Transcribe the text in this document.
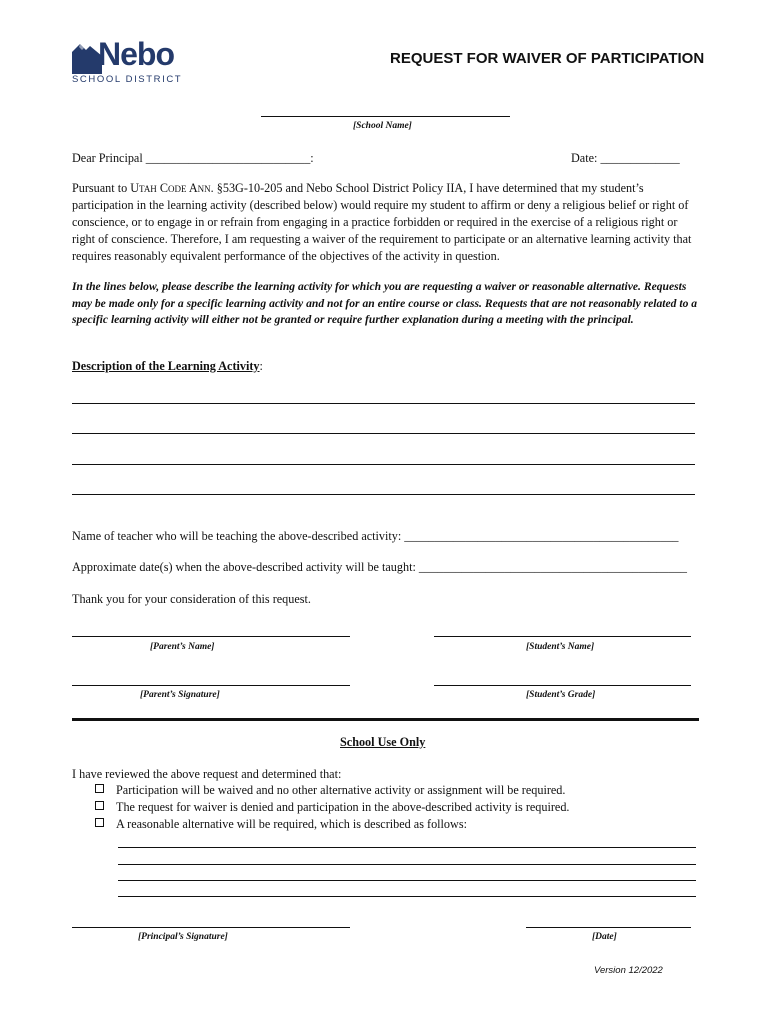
Nebo
SCHOOL DISTRICT
REQUEST FOR WAIVER OF PARTICIPATION
[School Name]
Dear Principal ___________________________:	Date: _____________
Pursuant to Utah Code Ann. §53G-10-205 and Nebo School District Policy IIA, I have determined that my student’s participation in the learning activity (described below) would require my student to affirm or deny a religious belief or right of conscience, or to engage in or refrain from engaging in a practice forbidden or required in the exercise of a religious right or right of conscience. Therefore, I am requesting a waiver of the requirement to participate or an alternative learning activity that requires reasonably equivalent performance of the objectives of the activity in question.
In the lines below, please describe the learning activity for which you are requesting a waiver or reasonable alternative. Requests may be made only for a specific learning activity and not for an entire course or class. Requests that are not reasonably related to a specific learning activity will either not be granted or require further explanation during a meeting with the principal.
Description of the Learning Activity:
Name of teacher who will be teaching the above-described activity: _____________________________________________
Approximate date(s) when the above-described activity will be taught: ____________________________________________
Thank you for your consideration of this request.
[Parent’s Name]	[Student’s Name]
[Parent’s Signature]	[Student’s Grade]
School Use Only
I have reviewed the above request and determined that:
Participation will be waived and no other alternative activity or assignment will be required.
The request for waiver is denied and participation in the above-described activity is required.
A reasonable alternative will be required, which is described as follows:
[Principal’s Signature]	[Date]
Version 12/2022
